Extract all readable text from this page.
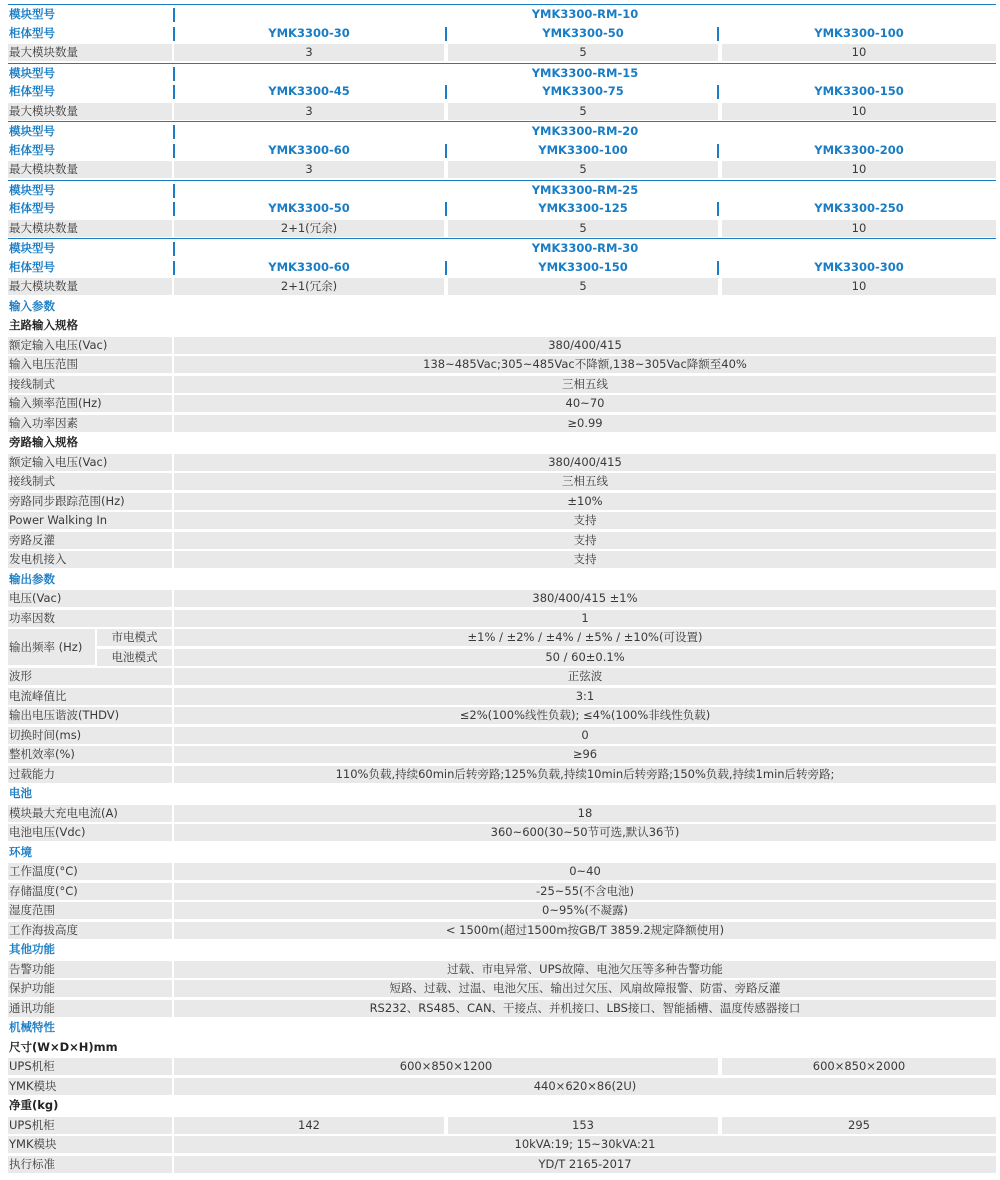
模块型号	YMK3300-RM-10
柜体型号	YMK3300-30	YMK3300-50	YMK3300-100
最大模块数量	3	5	10
模块型号	YMK3300-RM-15
柜体型号	YMK3300-45	YMK3300-75	YMK3300-150
最大模块数量	3	5	10
模块型号	YMK3300-RM-20
柜体型号	YMK3300-60	YMK3300-100	YMK3300-200
最大模块数量	3	5	10
模块型号	YMK3300-RM-25
柜体型号	YMK3300-50	YMK3300-125	YMK3300-250
最大模块数量	2+1(冗余)	5	10
模块型号	YMK3300-RM-30
柜体型号	YMK3300-60	YMK3300-150	YMK3300-300
最大模块数量	2+1(冗余)	5	10
输入参数
主路输入规格
额定输入电压(Vac)	380/400/415
输入电压范围	138~485Vac;305~485Vac不降额,138~305Vac降额至40%
接线制式	三相五线
输入频率范围(Hz)	40~70
输入功率因素	≥0.99
旁路输入规格
额定输入电压(Vac)	380/400/415
接线制式	三相五线
旁路同步跟踪范围(Hz)	±10%
Power Walking In	支持
旁路反灌	支持
发电机接入	支持
输出参数
电压(Vac)	380/400/415 ±1%
功率因数	1
输出频率 (Hz)
市电模式	±1% / ±2% / ±4% / ±5% / ±10%(可设置)
电池模式	50 / 60±0.1%
波形	正弦波
电流峰值比	3:1
输出电压谐波(THDV)	≤2%(100%线性负载); ≤4%(100%非线性负载)
切换时间(ms)	0
整机效率(%)	≥96
过载能力	110%负载,持续60min后转旁路;125%负载,持续10min后转旁路;150%负载,持续1min后转旁路;
电池
模块最大充电电流(A)	18
电池电压(Vdc)	360~600(30~50节可选,默认36节)
环境
工作温度(°C)	0~40
存储温度(°C)	-25~55(不含电池)
湿度范围	0~95%(不凝露)
工作海拔高度	< 1500m(超过1500m按GB/T 3859.2规定降额使用)
其他功能
告警功能	过载、市电异常、UPS故障、电池欠压等多种告警功能
保护功能	短路、过载、过温、电池欠压、输出过欠压、风扇故障报警、防雷、旁路反灌
通讯功能	RS232、RS485、CAN、干接点、并机接口、LBS接口、智能插槽、温度传感器接口
机械特性
尺寸(W×D×H)mm
UPS机柜	600×850×1200	600×850×2000
YMK模块	440×620×86(2U)
净重(kg)
UPS机柜	142	153	295
YMK模块	10kVA:19; 15~30kVA:21
执行标准	YD/T 2165-2017
